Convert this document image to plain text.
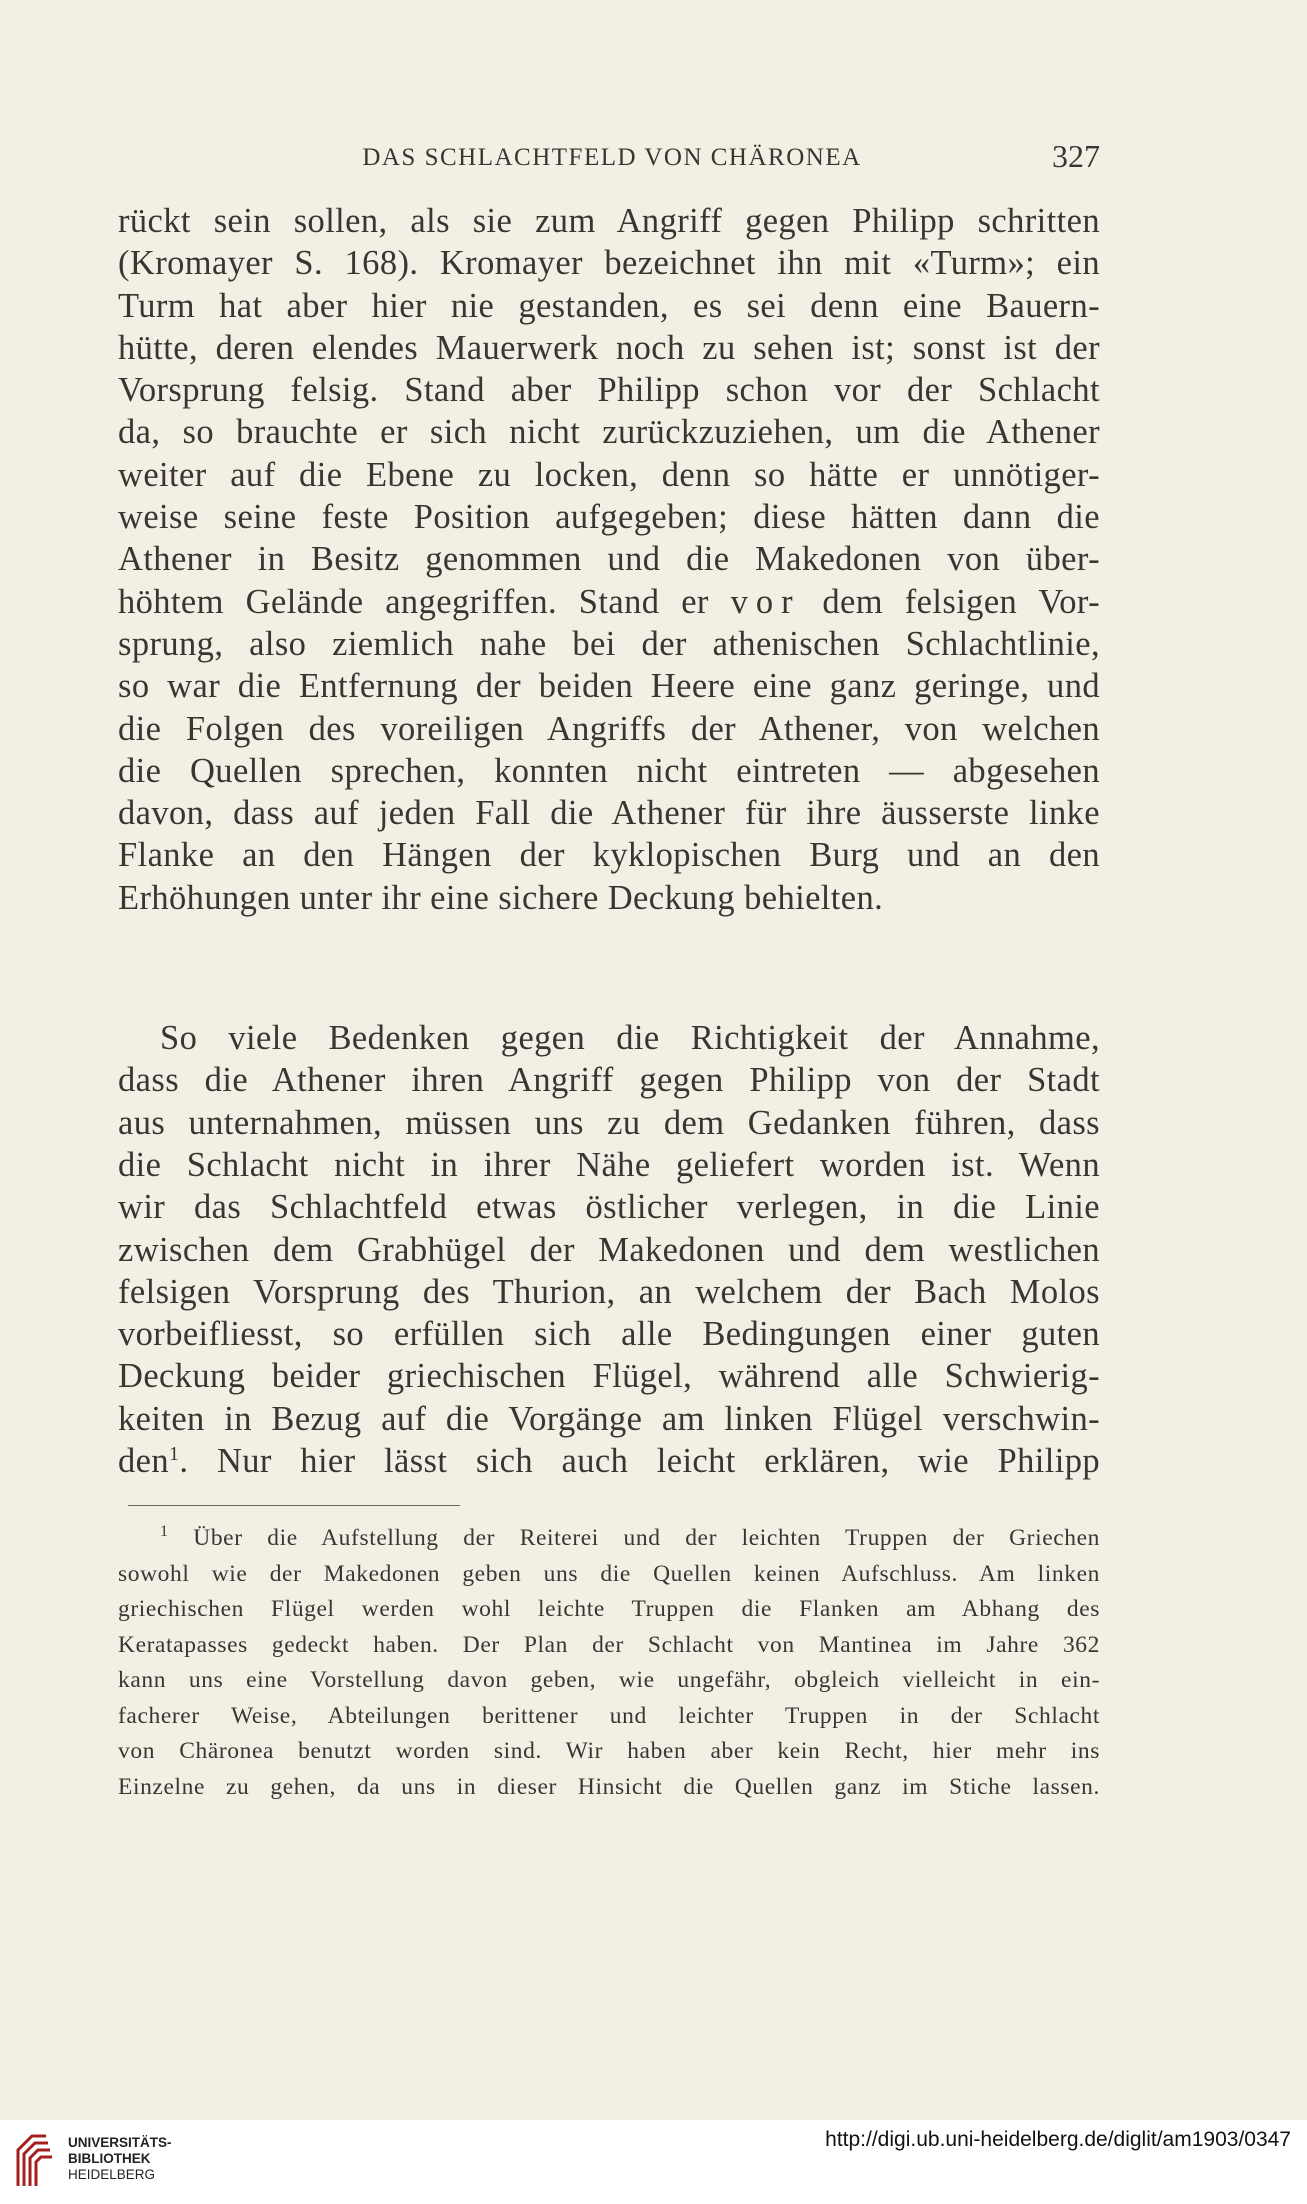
DAS SCHLACHTFELD VON CHÄRONEA	327

rückt sein sollen, als sie zum Angriff gegen Philipp schritten

(Kromayer S. 168). Kromayer bezeichnet ihn mit «Turm»; ein

Turm hat aber hier nie gestanden, es sei denn eine Bauern-

hütte, deren elendes Mauerwerk noch zu sehen ist; sonst ist der

Vorsprung felsig. Stand aber Philipp schon vor der Schlacht

da, so brauchte er sich nicht zurückzuziehen, um die Athener

weiter auf die Ebene zu locken, denn so hätte er unnötiger-

weise seine feste Position aufgegeben; diese hätten dann die

Athener in Besitz genommen und die Makedonen von über-

höhtem Gelände angegriffen. Stand er vor dem felsigen Vor-

sprung, also ziemlich nahe bei der athenischen Schlachtlinie,

so war die Entfernung der beiden Heere eine ganz geringe, und

die Folgen des voreiligen Angriffs der Athener, von welchen

die Quellen sprechen, konnten nicht eintreten — abgesehen

davon, dass auf jeden Fall die Athener für ihre äusserste linke

Flanke an den Hängen der kyklopischen Burg und an den

Erhöhungen unter ihr eine sichere Deckung behielten.

So viele Bedenken gegen die Richtigkeit der Annahme,

dass die Athener ihren Angriff gegen Philipp von der Stadt

aus unternahmen, müssen uns zu dem Gedanken führen, dass

die Schlacht nicht in ihrer Nähe geliefert worden ist. Wenn

wir das Schlachtfeld etwas östlicher verlegen, in die Linie

zwischen dem Grabhügel der Makedonen und dem westlichen

felsigen Vorsprung des Thurion, an welchem der Bach Molos

vorbeifliesst, so erfüllen sich alle Bedingungen einer guten

Deckung beider griechischen Flügel, während alle Schwierig-

keiten in Bezug auf die Vorgänge am linken Flügel verschwin-

den$^1$. Nur hier lässt sich auch leicht erklären, wie Philipp

$^1$ Über die Aufstellung der Reiterei und der leichten Truppen der Griechen

sowohl wie der Makedonen geben uns die Quellen keinen Aufschluss. Am linken

griechischen Flügel werden wohl leichte Truppen die Flanken am Abhang des

Keratapasses gedeckt haben. Der Plan der Schlacht von Mantinea im Jahre 362

kann uns eine Vorstellung davon geben, wie ungefähr, obgleich vielleicht in ein-

facherer Weise, Abteilungen berittener und leichter Truppen in der Schlacht

von Chäronea benutzt worden sind. Wir haben aber kein Recht, hier mehr ins

Einzelne zu gehen, da uns in dieser Hinsicht die Quellen ganz im Stiche lassen.

UNIVERSITÄTS-
BIBLIOTHEK
HEIDELBERG
http://digi.ub.uni-heidelberg.de/diglit/am1903/0347
